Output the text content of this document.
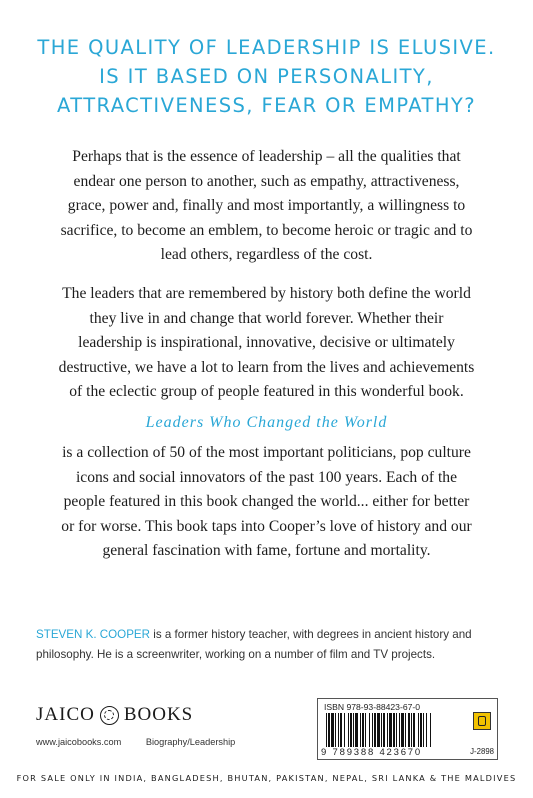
THE QUALITY OF LEADERSHIP IS ELUSIVE.
IS IT BASED ON PERSONALITY,
ATTRACTIVENESS, FEAR OR EMPATHY?
Perhaps that is the essence of leadership – all the qualities that
endear one person to another, such as empathy, attractiveness,
grace, power and, finally and most importantly, a willingness to
sacrifice, to become an emblem, to become heroic or tragic and to
lead others, regardless of the cost.
The leaders that are remembered by history both define the world
they live in and change that world forever. Whether their
leadership is inspirational, innovative, decisive or ultimately
destructive, we have a lot to learn from the lives and achievements
of the eclectic group of people featured in this wonderful book.
Leaders Who Changed the World
is a collection of 50 of the most important politicians, pop culture
icons and social innovators of the past 100 years. Each of the
people featured in this book changed the world... either for better
or for worse. This book taps into Cooper’s love of history and our
general fascination with fame, fortune and mortality.
STEVEN K. COOPER is a former history teacher, with degrees in ancient history and
philosophy. He is a screenwriter, working on a number of film and TV projects.
JAICO BOOKS
www.jaicobooks.com	Biography/Leadership
ISBN 978-93-88423-67-0
9 789388 423670	J-2898
FOR SALE ONLY IN INDIA, BANGLADESH, BHUTAN, PAKISTAN, NEPAL, SRI LANKA & THE MALDIVES
